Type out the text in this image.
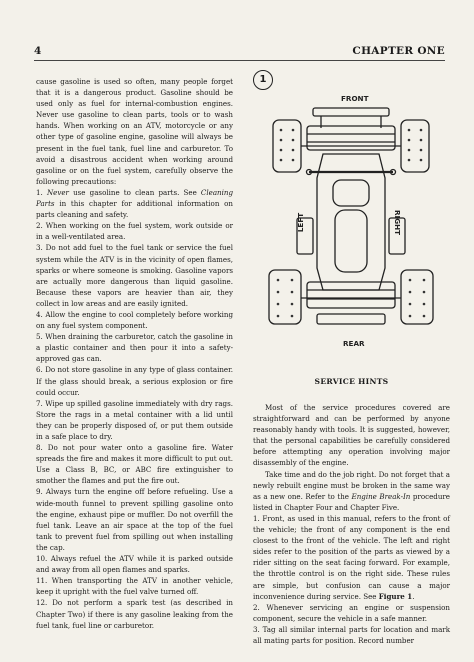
4	CHAPTER ONE

cause gasoline is used so often, many people forget that it is a dangerous product. Gasoline should be used only as fuel for internal-combustion engines. Never use gasoline to clean parts, tools or to wash hands. When working on an ATV, motorcycle or any other type of gasoline engine, gasoline will always be present in the fuel tank, fuel line and carburetor. To avoid a disastrous accident when working around gasoline or on the fuel system, carefully observe the following precautions:

1. Never use gasoline to clean parts. See Cleaning Parts in this chapter for additional information on parts cleaning and safety.

2. When working on the fuel system, work outside or in a well-ventilated area.

3. Do not add fuel to the fuel tank or service the fuel system while the ATV is in the vicinity of open flames, sparks or where someone is smoking. Gasoline vapors are actually more dangerous than liquid gasoline. Because these vapors are heavier than air, they collect in low areas and are easily ignited.

4. Allow the engine to cool completely before working on any fuel system component.

5. When draining the carburetor, catch the gasoline in a plastic container and then pour it into a safety-approved gas can.

6. Do not store gasoline in any type of glass container. If the glass should break, a serious explosion or fire could occur.

7. Wipe up spilled gasoline immediately with dry rags. Store the rags in a metal container with a lid until they can be properly disposed of, or put them outside in a safe place to dry.

8. Do not pour water onto a gasoline fire. Water spreads the fire and makes it more difficult to put out. Use a Class B, BC, or ABC fire extinguisher to smother the flames and put the fire out.

9. Always turn the engine off before refueling. Use a wide-mouth funnel to prevent spilling gasoline onto the engine, exhaust pipe or muffler. Do not overfill the fuel tank. Leave an air space at the top of the fuel tank to prevent fuel from spilling out when installing the cap.

10. Always refuel the ATV while it is parked outside and away from all open flames and sparks.

11. When transporting the ATV in another vehicle, keep it upright with the fuel valve turned off.

12. Do not perform a spark test (as described in Chapter Two) if there is any gasoline leaking from the fuel tank, fuel line or carburetor.

1
FRONT
REAR
LEFT	RIGHT
SERVICE HINTS

Most of the service procedures covered are straightforward and can be performed by anyone reasonably handy with tools. It is suggested, however, that the personal capabilities be carefully considered before attempting any operation involving major disassembly of the engine.

Take time and do the job right. Do not forget that a newly rebuilt engine must be broken in the same way as a new one. Refer to the Engine Break-In procedure listed in Chapter Four and Chapter Five.

1. Front, as used in this manual, refers to the front of the vehicle; the front of any component is the end closest to the front of the vehicle. The left and right sides refer to the position of the parts as viewed by a rider sitting on the seat facing forward. For example, the throttle control is on the right side. These rules are simple, but confusion can cause a major inconvenience during service. See Figure 1.

2. Whenever servicing an engine or suspension component, secure the vehicle in a safe manner.

3. Tag all similar internal parts for location and mark all mating parts for position. Record number
